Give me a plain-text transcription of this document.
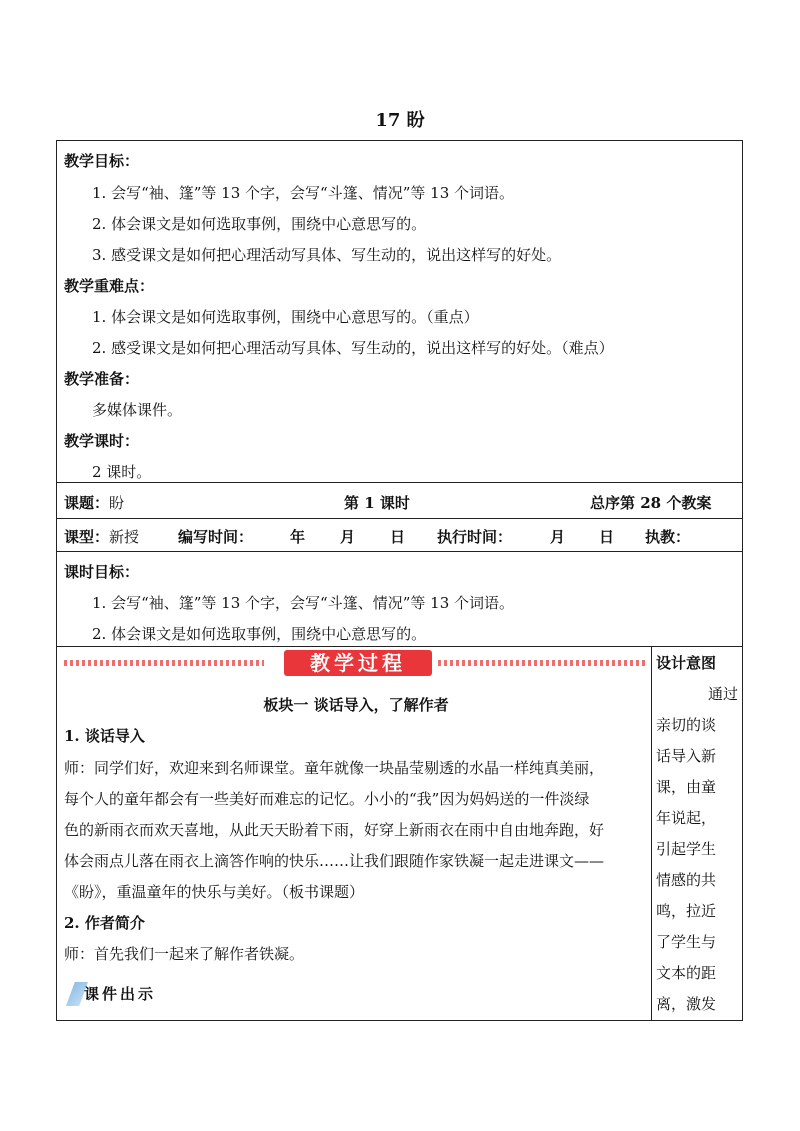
17 盼
教学目标：
1. 会写“袖、篷”等 13 个字，会写“斗篷、情况”等 13 个词语。
2. 体会课文是如何选取事例，围绕中心意思写的。
3. 感受课文是如何把心理活动写具体、写生动的，说出这样写的好处。
教学重难点：
1. 体会课文是如何选取事例，围绕中心意思写的。（重点）
2. 感受课文是如何把心理活动写具体、写生动的，说出这样写的好处。（难点）
教学准备：
多媒体课件。
教学课时：
2 课时。
课题：盼	第 1 课时	总序第 28 个教案
课型：新授	编写时间： 年 月 日 执行时间：	月 日 执教：
课时目标：
1. 会写“袖、篷”等 13 个字，会写“斗篷、情况”等 13 个词语。
2. 体会课文是如何选取事例，围绕中心意思写的。
教学过程
板块一 谈话导入，了解作者
1. 谈话导入
师：同学们好，欢迎来到名师课堂。童年就像一块晶莹剔透的水晶一样纯真美丽，
每个人的童年都会有一些美好而难忘的记忆。小小的“我”因为妈妈送的一件淡绿
色的新雨衣而欢天喜地，从此天天盼着下雨，好穿上新雨衣在雨中自由地奔跑，好
体会雨点儿落在雨衣上滴答作响的快乐……让我们跟随作家铁凝一起走进课文——
《盼》，重温童年的快乐与美好。（板书课题）
2. 作者简介
师：首先我们一起来了解作者铁凝。
课件出示
设计意图
通过
亲切的谈
话导入新
课，由童
年说起，
引起学生
情感的共
鸣，拉近
了学生与
文本的距
离，激发
